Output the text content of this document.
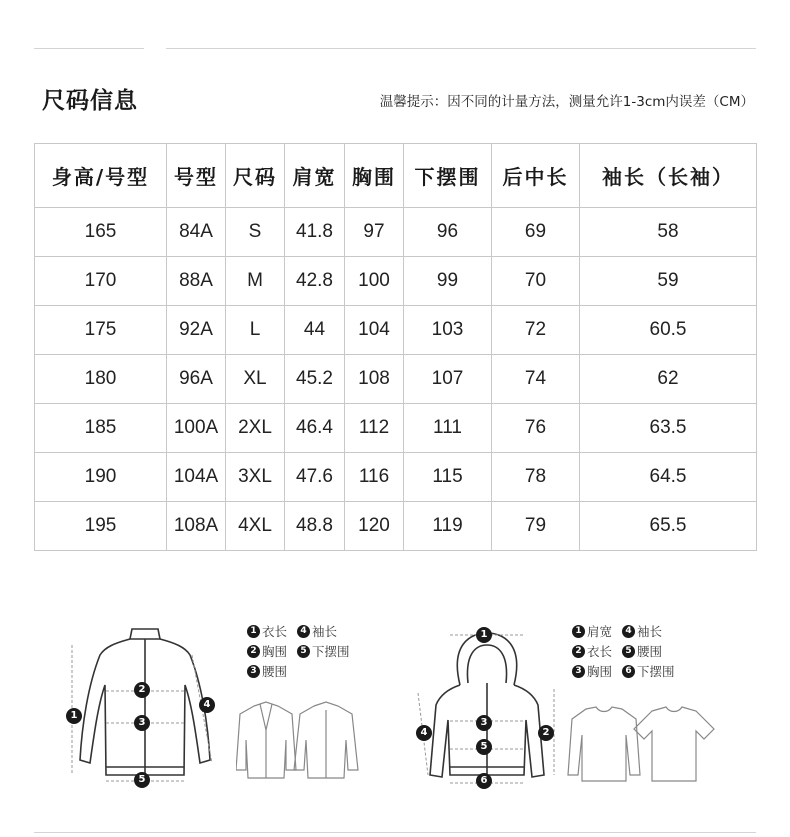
尺码信息	温馨提示：因不同的计量方法，测量允许1-3cm内误差（CM）
身高/号型	号型	尺码	肩宽	胸围	下摆围	后中长	袖长（长袖）
165	84A	S	41.8	97	96	69	58
170	88A	M	42.8	100	99	70	59
175	92A	L	44	104	103	72	60.5
180	96A	XL	45.2	108	107	74	62
185	100A	2XL	46.4	112	111	76	63.5
190	104A	3XL	47.6	116	115	78	64.5
195	108A	4XL	48.8	120	119	79	65.5
1
2
3
4
5
1 衣长 4 袖长
2 胸围 5 下摆围
3 腰围
1
2
3
4
5
6
1 肩宽 4 袖长
2 衣长 5 腰围
3 胸围 6 下摆围
